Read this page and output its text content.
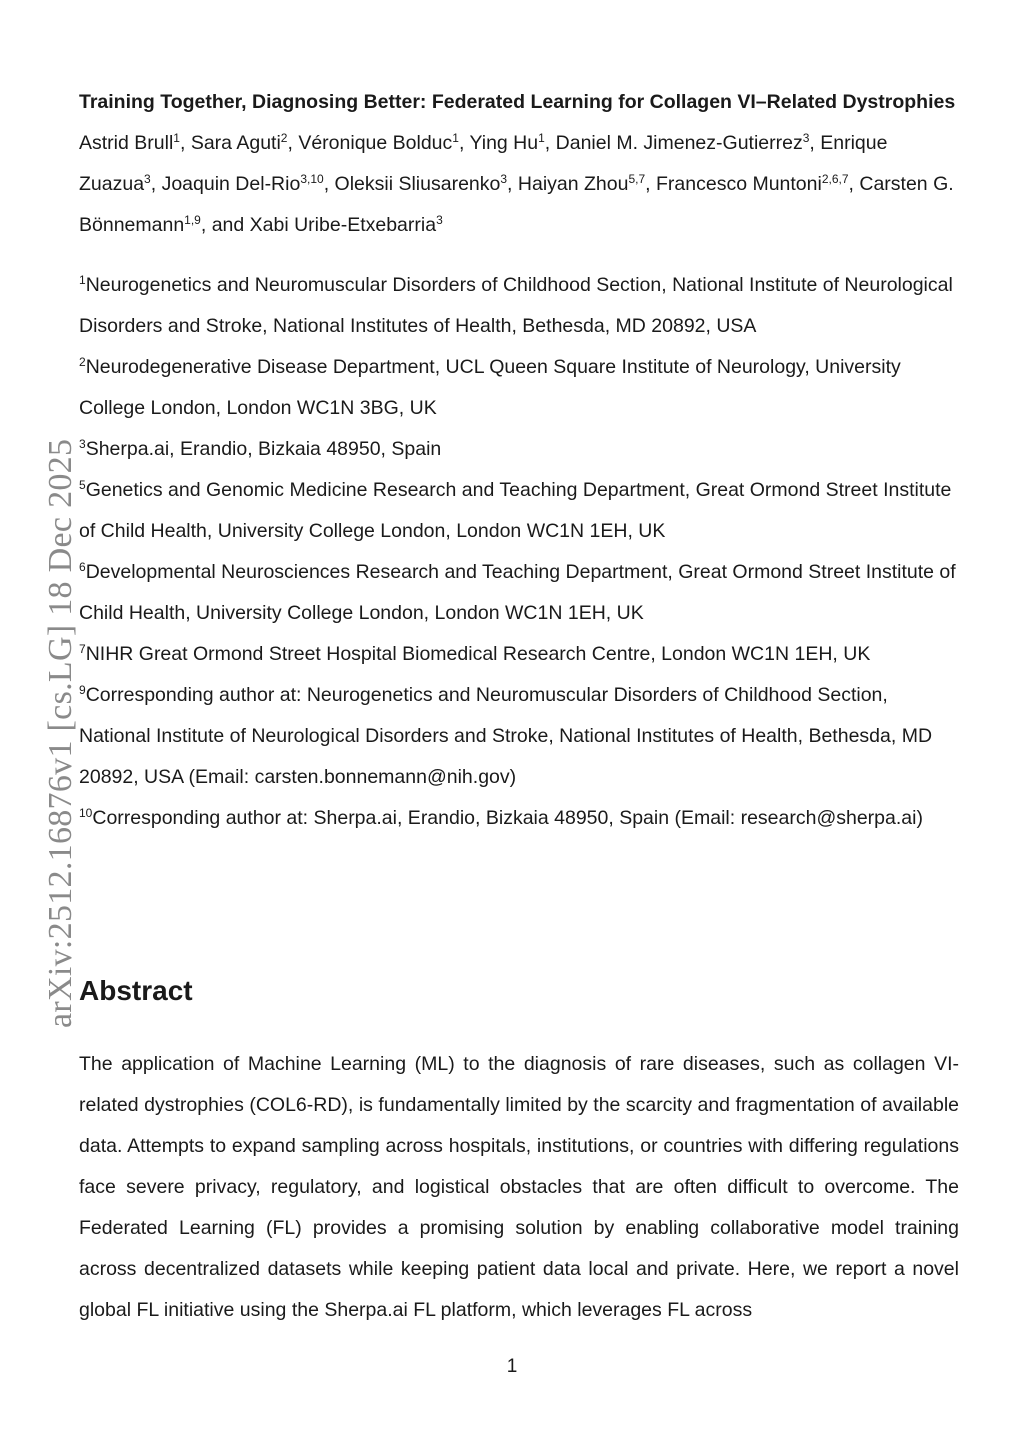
arXiv:2512.16876v1 [cs.LG] 18 Dec 2025

Training Together, Diagnosing Better: Federated Learning for Collagen VI–Related Dystrophies

Astrid Brull$^1$, Sara Aguti$^2$, Véronique Bolduc$^1$, Ying Hu$^1$, Daniel M. Jimenez-Gutierrez$^3$, Enrique Zuazua$^3$, Joaquin Del-Rio$^{3,10}$, Oleksii Sliusarenko$^3$, Haiyan Zhou$^{5,7}$, Francesco Muntoni$^{2,6,7}$, Carsten G. Bönnemann$^{1,9}$, and Xabi Uribe-Etxebarria$^3$

$^1$Neurogenetics and Neuromuscular Disorders of Childhood Section, National Institute of Neurological Disorders and Stroke, National Institutes of Health, Bethesda, MD 20892, USA

$^2$Neurodegenerative Disease Department, UCL Queen Square Institute of Neurology, University College London, London WC1N 3BG, UK

$^3$Sherpa.ai, Erandio, Bizkaia 48950, Spain

$^5$Genetics and Genomic Medicine Research and Teaching Department, Great Ormond Street Institute of Child Health, University College London, London WC1N 1EH, UK

$^6$Developmental Neurosciences Research and Teaching Department, Great Ormond Street Institute of Child Health, University College London, London WC1N 1EH, UK

$^7$NIHR Great Ormond Street Hospital Biomedical Research Centre, London WC1N 1EH, UK

$^9$Corresponding author at: Neurogenetics and Neuromuscular Disorders of Childhood Section, National Institute of Neurological Disorders and Stroke, National Institutes of Health, Bethesda, MD 20892, USA (Email: carsten.bonnemann@nih.gov)

$^{10}$Corresponding author at: Sherpa.ai, Erandio, Bizkaia 48950, Spain (Email: research@sherpa.ai)

Abstract

The application of Machine Learning (ML) to the diagnosis of rare diseases, such as collagen VI-related dystrophies (COL6-RD), is fundamentally limited by the scarcity and fragmentation of available data. Attempts to expand sampling across hospitals, institutions, or countries with differing regulations face severe privacy, regulatory, and logistical obstacles that are often difficult to overcome. The Federated Learning (FL) provides a promising solution by enabling collaborative model training across decentralized datasets while keeping patient data local and private. Here, we report a novel global FL initiative using the Sherpa.ai FL platform, which leverages FL across

1
